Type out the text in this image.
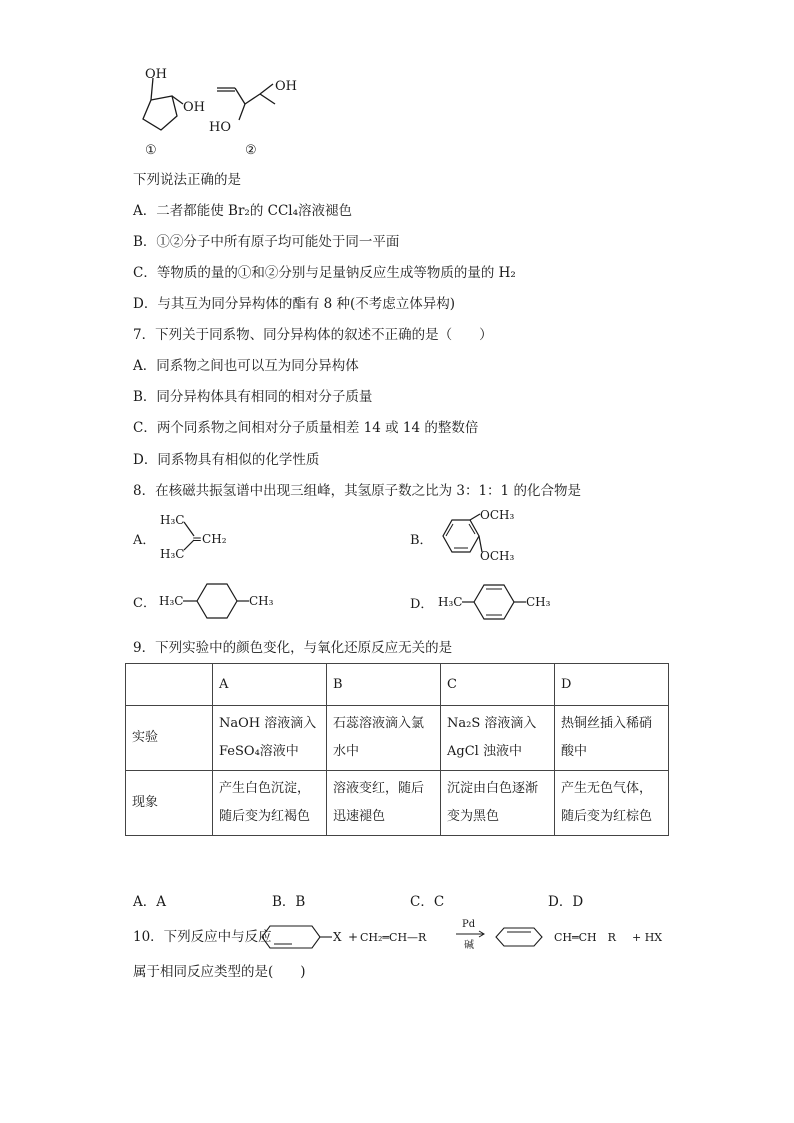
OH
OH
①
OH
HO
②
下列说法正确的是
A．二者都能使 Br₂的 CCl₄溶液褪色
B．①②分子中所有原子均可能处于同一平面
C．等物质的量的①和②分别与足量钠反应生成等物质的量的 H₂
D．与其互为同分异构体的酯有 8 种(不考虑立体异构)
7．下列关于同系物、同分异构体的叙述不正确的是（　　）
A．同系物之间也可以互为同分异构体
B．同分异构体具有相同的相对分子质量
C．两个同系物之间相对分子质量相差 14 或 14 的整数倍
D．同系物具有相似的化学性质
8．在核磁共振氢谱中出现三组峰，其氢原子数之比为 3：1：1 的化合物是
A．
H₃C
H₃C
=CH₂	B．
OCH₃
OCH₃
C． H₃C	CH₃	D． H₃C	CH₃
9．下列实验中的颜色变化，与氧化还原反应无关的是
	A	B	C	D
实验	NaOH 溶液滴入 FeSO₄溶液中	石蕊溶液滴入氯水中	Na₂S 溶液滴入 AgCl 浊液中	热铜丝插入稀硝酸中
现象	产生白色沉淀，随后变为红褐色	溶液变红，随后迅速褪色	沉淀由白色逐渐变为黑色	产生无色气体，随后变为红棕色
A．A	B．B	C．C	D．D
10．下列反应中与反应	X + CH₂═CH—R
Pd
碱
CH═CH　R + HX
属于相同反应类型的是(　　)
